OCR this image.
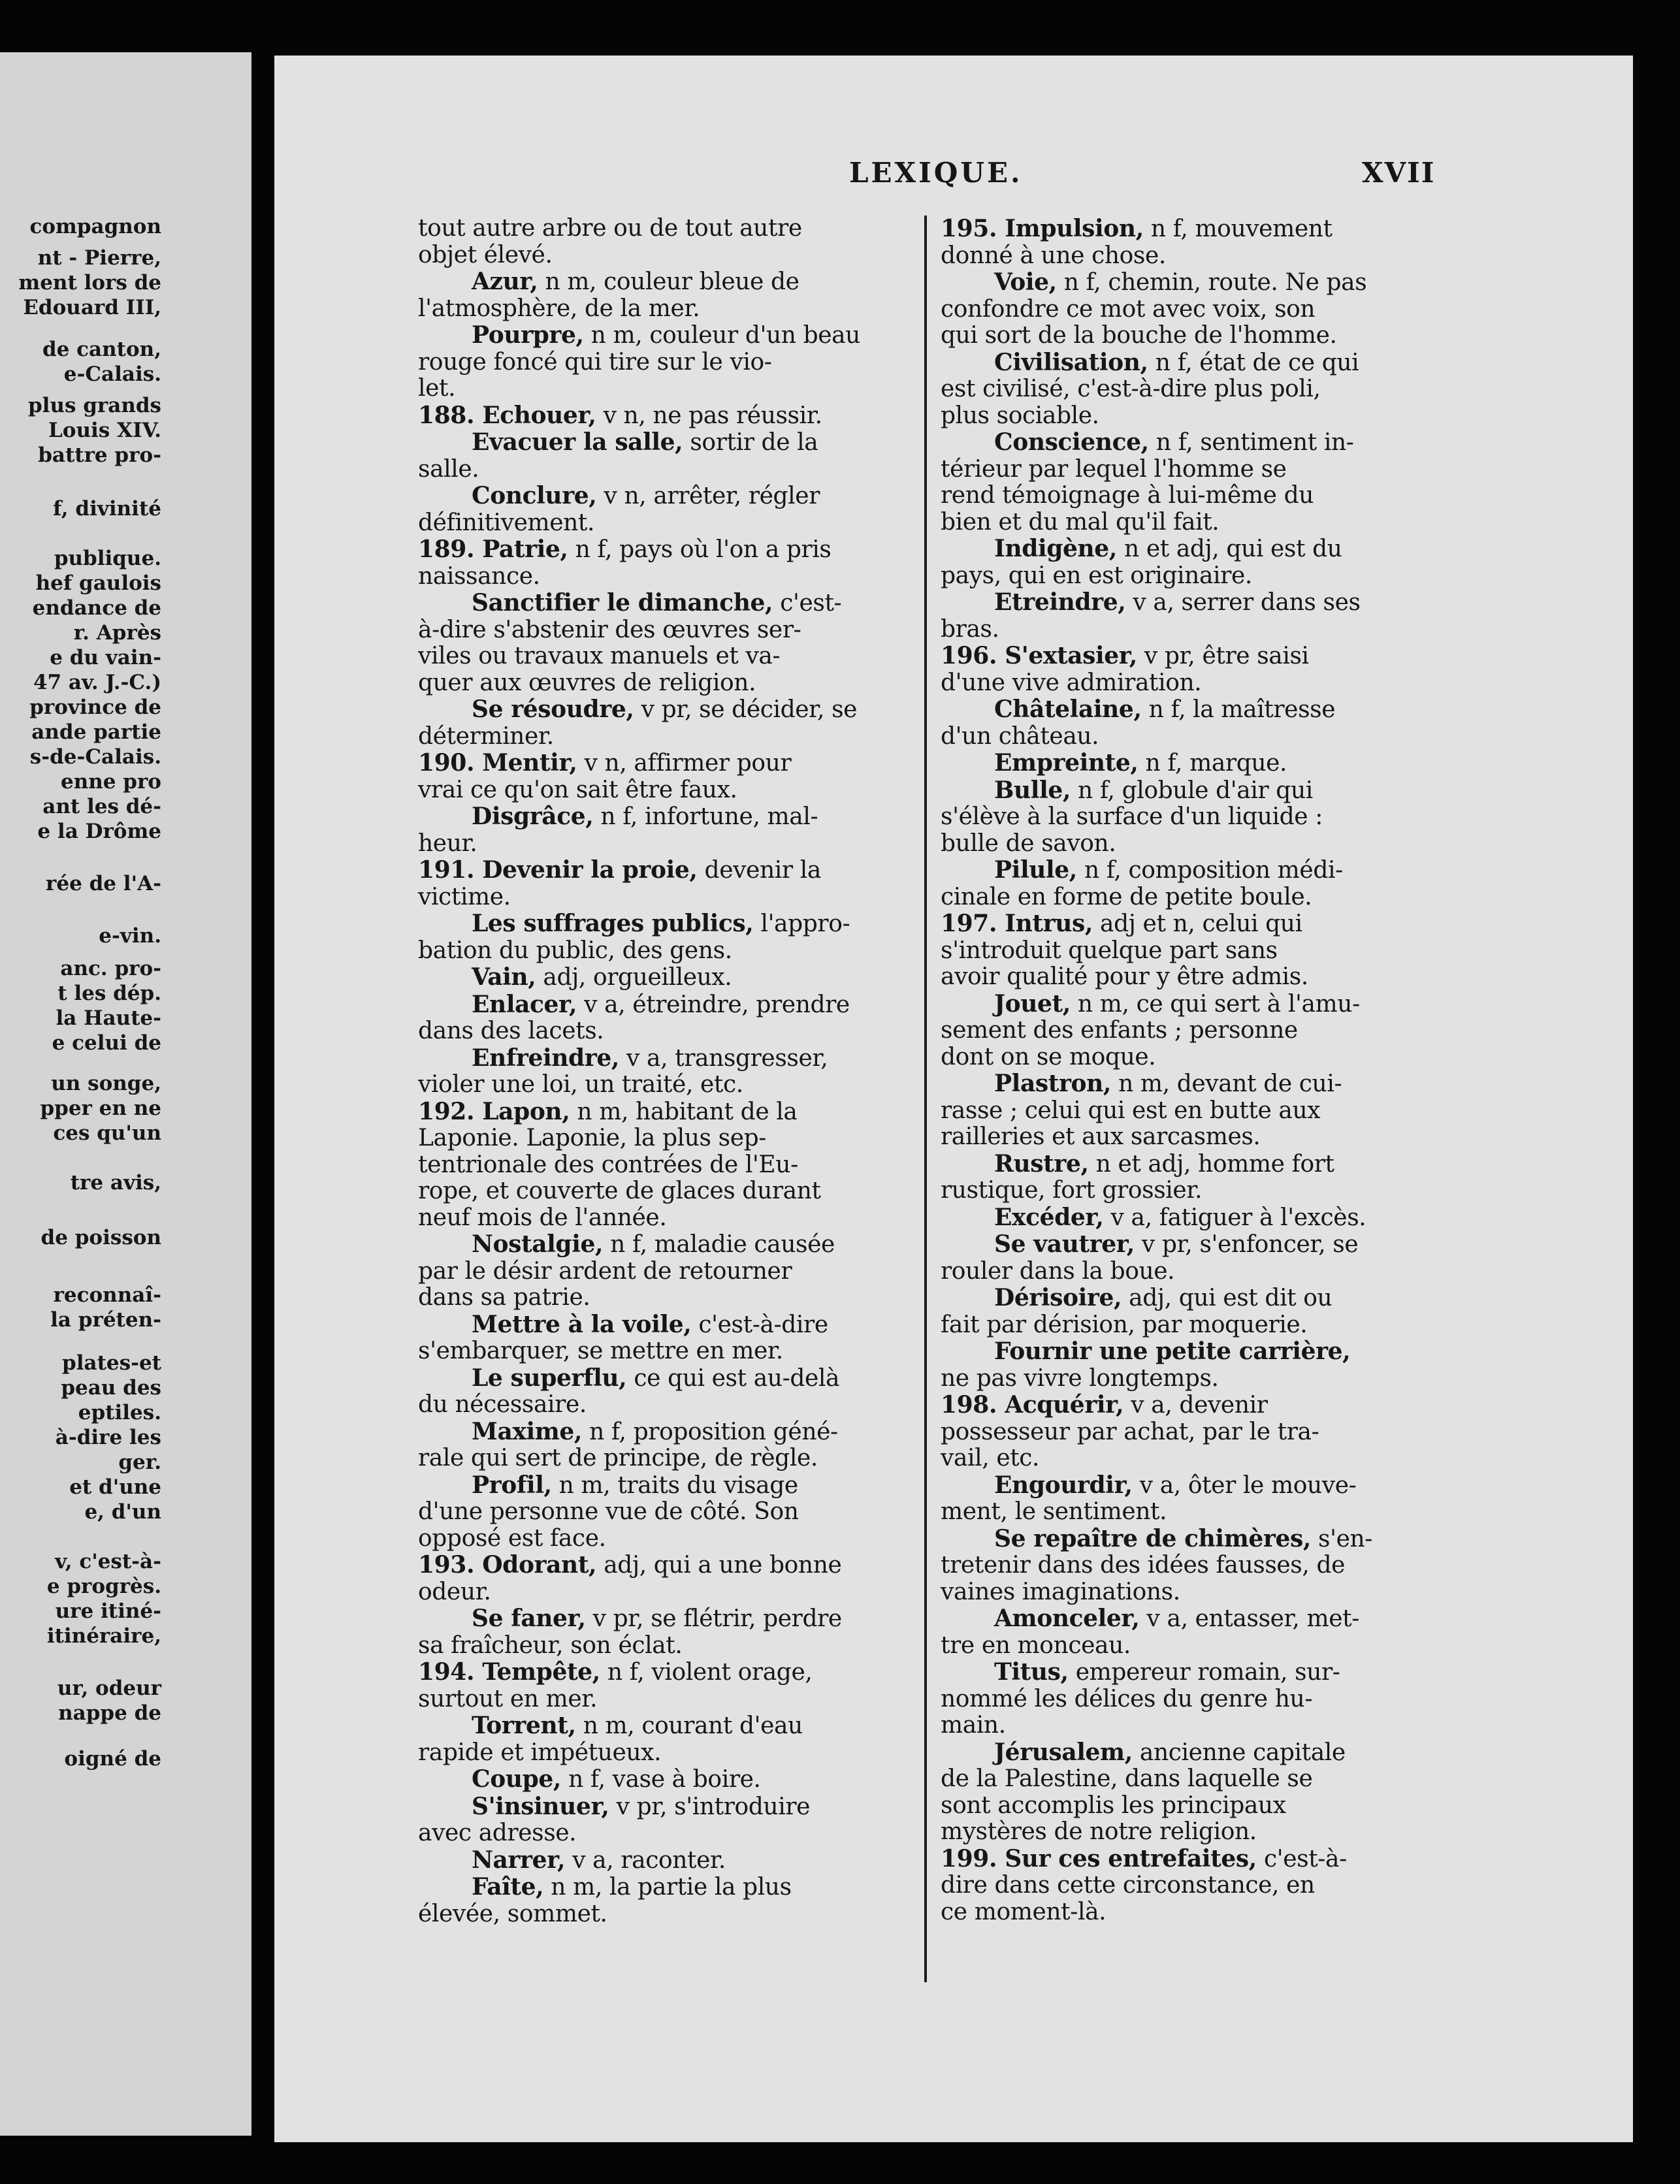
compagnon
nt - Pierre,
ment lors de
Edouard III,
de canton,
e-Calais.
plus grands
Louis XIV.
battre pro-
f, divinité
publique.
hef gaulois
endance de
r. Après
e du vain-
47 av. J.-C.)
province de
ande partie
s-de-Calais.
enne pro
ant les dé-
e la Drôme
rée de l'A-
e-vin.
anc. pro-
t les dép.
la Haute-
e celui de
un songe,
pper en ne
ces qu'un
tre avis,
de poisson
reconnaî-
la préten-
plates-et
peau des
eptiles.
à-dire les
ger.
et d'une
e, d'un
v, c'est-à-
e progrès.
ure itiné-
itinéraire,
ur, odeur
nappe de
oigné de
LEXIQUE.	XVII
tout autre arbre ou de tout autre
objet élevé.
Azur, n m, couleur bleue de
l'atmosphère, de la mer.
Pourpre, n m, couleur d'un beau
rouge foncé qui tire sur le vio-
let.
188. Echouer, v n, ne pas réussir.
Evacuer la salle, sortir de la
salle.
Conclure, v n, arrêter, régler
définitivement.
189. Patrie, n f, pays où l'on a pris
naissance.
Sanctifier le dimanche, c'est-
à-dire s'abstenir des œuvres ser-
viles ou travaux manuels et va-
quer aux œuvres de religion.
Se résoudre, v pr, se décider, se
déterminer.
190. Mentir, v n, affirmer pour
vrai ce qu'on sait être faux.
Disgrâce, n f, infortune, mal-
heur.
191. Devenir la proie, devenir la
victime.
Les suffrages publics, l'appro-
bation du public, des gens.
Vain, adj, orgueilleux.
Enlacer, v a, étreindre, prendre
dans des lacets.
Enfreindre, v a, transgresser,
violer une loi, un traité, etc.
192. Lapon, n m, habitant de la
Laponie. Laponie, la plus sep-
tentrionale des contrées de l'Eu-
rope, et couverte de glaces durant
neuf mois de l'année.
Nostalgie, n f, maladie causée
par le désir ardent de retourner
dans sa patrie.
Mettre à la voile, c'est-à-dire
s'embarquer, se mettre en mer.
Le superflu, ce qui est au-delà
du nécessaire.
Maxime, n f, proposition géné-
rale qui sert de principe, de règle.
Profil, n m, traits du visage
d'une personne vue de côté. Son
opposé est face.
193. Odorant, adj, qui a une bonne
odeur.
Se faner, v pr, se flétrir, perdre
sa fraîcheur, son éclat.
194. Tempête, n f, violent orage,
surtout en mer.
Torrent, n m, courant d'eau
rapide et impétueux.
Coupe, n f, vase à boire.
S'insinuer, v pr, s'introduire
avec adresse.
Narrer, v a, raconter.
Faîte, n m, la partie la plus
élevée, sommet.
195. Impulsion, n f, mouvement
donné à une chose.
Voie, n f, chemin, route. Ne pas
confondre ce mot avec voix, son
qui sort de la bouche de l'homme.
Civilisation, n f, état de ce qui
est civilisé, c'est-à-dire plus poli,
plus sociable.
Conscience, n f, sentiment in-
térieur par lequel l'homme se
rend témoignage à lui-même du
bien et du mal qu'il fait.
Indigène, n et adj, qui est du
pays, qui en est originaire.
Etreindre, v a, serrer dans ses
bras.
196. S'extasier, v pr, être saisi
d'une vive admiration.
Châtelaine, n f, la maîtresse
d'un château.
Empreinte, n f, marque.
Bulle, n f, globule d'air qui
s'élève à la surface d'un liquide :
bulle de savon.
Pilule, n f, composition médi-
cinale en forme de petite boule.
197. Intrus, adj et n, celui qui
s'introduit quelque part sans
avoir qualité pour y être admis.
Jouet, n m, ce qui sert à l'amu-
sement des enfants ; personne
dont on se moque.
Plastron, n m, devant de cui-
rasse ; celui qui est en butte aux
railleries et aux sarcasmes.
Rustre, n et adj, homme fort
rustique, fort grossier.
Excéder, v a, fatiguer à l'excès.
Se vautrer, v pr, s'enfoncer, se
rouler dans la boue.
Dérisoire, adj, qui est dit ou
fait par dérision, par moquerie.
Fournir une petite carrière,
ne pas vivre longtemps.
198. Acquérir, v a, devenir
possesseur par achat, par le tra-
vail, etc.
Engourdir, v a, ôter le mouve-
ment, le sentiment.
Se repaître de chimères, s'en-
tretenir dans des idées fausses, de
vaines imaginations.
Amonceler, v a, entasser, met-
tre en monceau.
Titus, empereur romain, sur-
nommé les délices du genre hu-
main.
Jérusalem, ancienne capitale
de la Palestine, dans laquelle se
sont accomplis les principaux
mystères de notre religion.
199. Sur ces entrefaites, c'est-à-
dire dans cette circonstance, en
ce moment-là.
